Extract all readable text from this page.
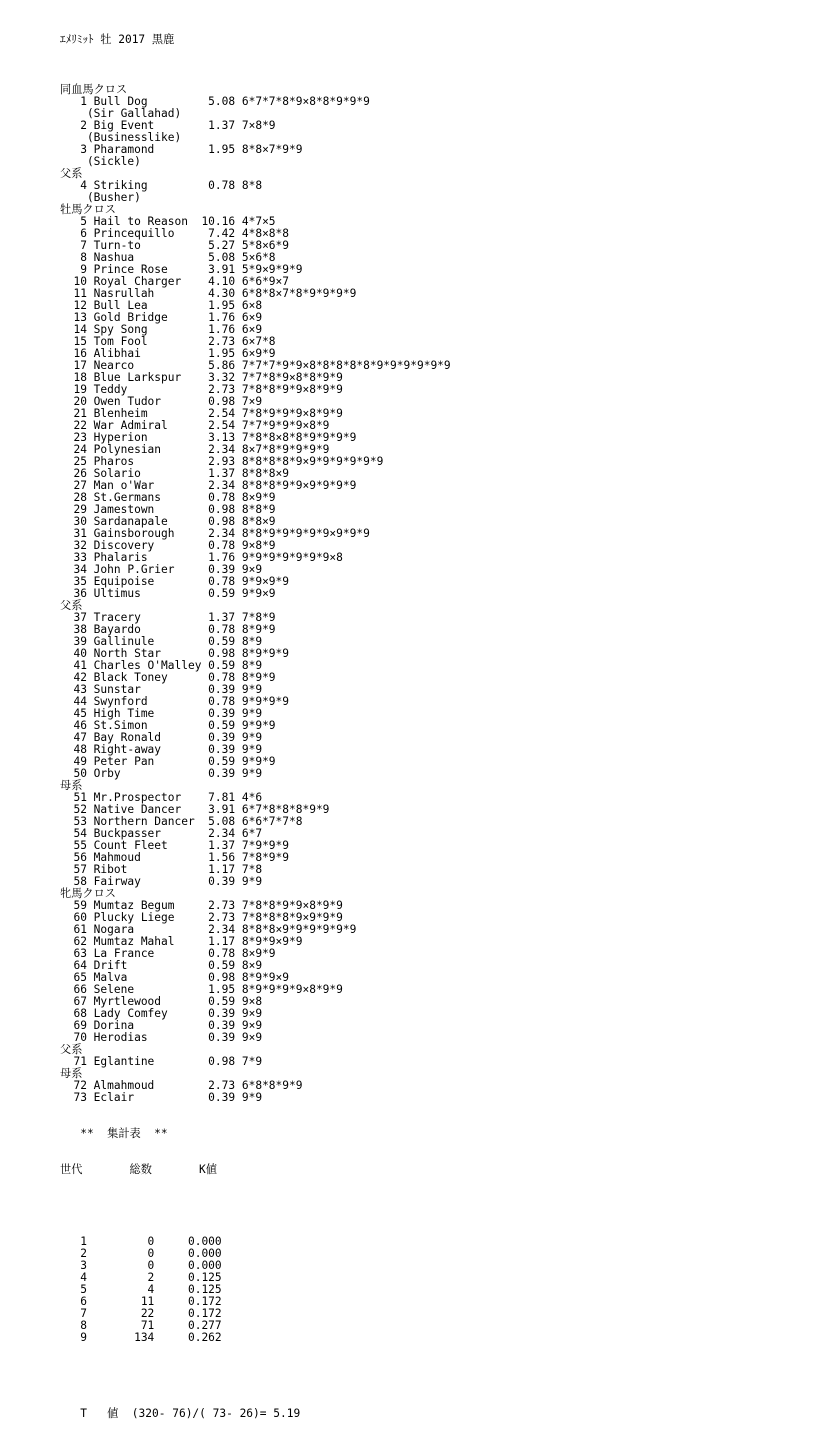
ｴﾒﾘﾐｯﾄ 牡 2017 黒鹿

同血馬クロス
1 Bull Dog         5.08 6*7*7*8*9×8*8*9*9*9
(Sir Gallahad)
2 Big Event        1.37 7×8*9
(Businesslike)
3 Pharamond        1.95 8*8×7*9*9
(Sickle)
父系
4 Striking         0.78 8*8
(Busher)
牡馬クロス
5 Hail to Reason  10.16 4*7×5
6 Princequillo     7.42 4*8×8*8
7 Turn-to          5.27 5*8×6*9
8 Nashua           5.08 5×6*8
9 Prince Rose      3.91 5*9×9*9*9
10 Royal Charger    4.10 6*6*9×7
11 Nasrullah        4.30 6*8*8×7*8*9*9*9*9
12 Bull Lea         1.95 6×8
13 Gold Bridge      1.76 6×9
14 Spy Song         1.76 6×9
15 Tom Fool         2.73 6×7*8
16 Alibhai          1.95 6×9*9
17 Nearco           5.86 7*7*7*9*9×8*8*8*8*8*9*9*9*9*9*9
18 Blue Larkspur    3.32 7*7*8*9×8*8*9*9
19 Teddy            2.73 7*8*8*9*9×8*9*9
20 Owen Tudor       0.98 7×9
21 Blenheim         2.54 7*8*9*9*9×8*9*9
22 War Admiral      2.54 7*7*9*9*9×8*9
23 Hyperion         3.13 7*8*8×8*8*9*9*9*9
24 Polynesian       2.34 8×7*8*9*9*9*9
25 Pharos           2.93 8*8*8*8*9×9*9*9*9*9*9
26 Solario          1.37 8*8*8×9
27 Man o'War        2.34 8*8*8*9*9×9*9*9*9
28 St.Germans       0.78 8×9*9
29 Jamestown        0.98 8*8*9
30 Sardanapale      0.98 8*8×9
31 Gainsborough     2.34 8*8*9*9*9*9*9×9*9*9
32 Discovery        0.78 9×8*9
33 Phalaris         1.76 9*9*9*9*9*9*9×8
34 John P.Grier     0.39 9×9
35 Equipoise        0.78 9*9×9*9
36 Ultimus          0.59 9*9×9
父系
37 Tracery          1.37 7*8*9
38 Bayardo          0.78 8*9*9
39 Gallinule        0.59 8*9
40 North Star       0.98 8*9*9*9
41 Charles O'Malley 0.59 8*9
42 Black Toney      0.78 8*9*9
43 Sunstar          0.39 9*9
44 Swynford         0.78 9*9*9*9
45 High Time        0.39 9*9
46 St.Simon         0.59 9*9*9
47 Bay Ronald       0.39 9*9
48 Right-away       0.39 9*9
49 Peter Pan        0.59 9*9*9
50 Orby             0.39 9*9
母系
51 Mr.Prospector    7.81 4*6
52 Native Dancer    3.91 6*7*8*8*8*9*9
53 Northern Dancer  5.08 6*6*7*7*8
54 Buckpasser       2.34 6*7
55 Count Fleet      1.37 7*9*9*9
56 Mahmoud          1.56 7*8*9*9
57 Ribot            1.17 7*8
58 Fairway          0.39 9*9
牝馬クロス
59 Mumtaz Begum     2.73 7*8*8*9*9×8*9*9
60 Plucky Liege     2.73 7*8*8*8*9×9*9*9
61 Nogara           2.34 8*8*8×9*9*9*9*9*9
62 Mumtaz Mahal     1.17 8*9*9×9*9
63 La France        0.78 8×9*9
64 Drift            0.59 8×9
65 Malva            0.98 8*9*9×9
66 Selene           1.95 8*9*9*9*9×8*9*9
67 Myrtlewood       0.59 9×8
68 Lady Comfey      0.39 9×9
69 Dorina           0.39 9×9
70 Herodias         0.39 9×9
父系
71 Eglantine        0.98 7*9
母系
72 Almahmoud        2.73 6*8*8*9*9
73 Eclair           0.39 9*9

**  集計表  **

世代       総数       K値

1         0     0.000
2         0     0.000
3         0     0.000
4         2     0.125
5         4     0.125
6        11     0.172
7        22     0.172
8        71     0.277
9       134     0.262

T   値  (320- 76)/( 73- 26)= 5.19
